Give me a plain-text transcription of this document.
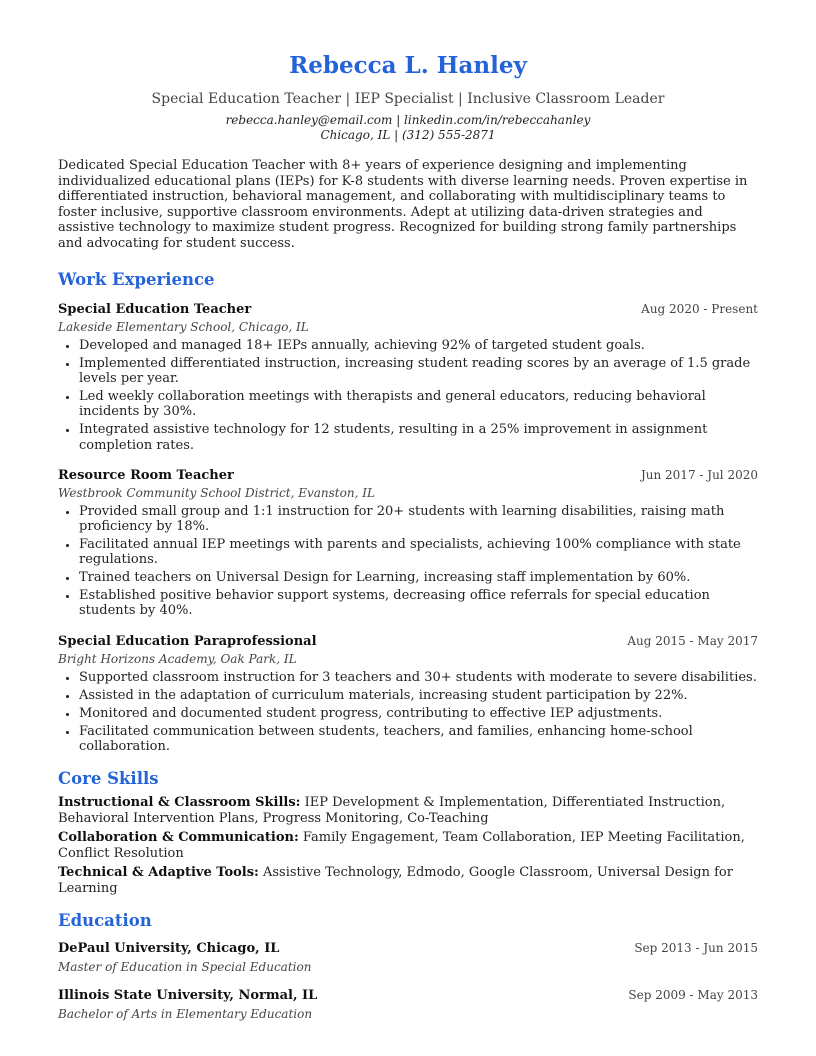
Rebecca L. Hanley
Special Education Teacher | IEP Specialist | Inclusive Classroom Leader
rebecca.hanley@email.com | linkedin.com/in/rebeccahanley
Chicago, IL | (312) 555-2871

Dedicated Special Education Teacher with 8+ years of experience designing and implementing individualized educational plans (IEPs) for K-8 students with diverse learning needs. Proven expertise in differentiated instruction, behavioral management, and collaborating with multidisciplinary teams to foster inclusive, supportive classroom environments. Adept at utilizing data-driven strategies and assistive technology to maximize student progress. Recognized for building strong family partnerships and advocating for student success.

Work Experience
Special Education Teacher	Aug 2020 - Present
Lakeside Elementary School, Chicago, IL
• Developed and managed 18+ IEPs annually, achieving 92% of targeted student goals.
• Implemented differentiated instruction, increasing student reading scores by an average of 1.5 grade levels per year.
• Led weekly collaboration meetings with therapists and general educators, reducing behavioral incidents by 30%.
• Integrated assistive technology for 12 students, resulting in a 25% improvement in assignment completion rates.
Resource Room Teacher	Jun 2017 - Jul 2020
Westbrook Community School District, Evanston, IL
• Provided small group and 1:1 instruction for 20+ students with learning disabilities, raising math proficiency by 18%.
• Facilitated annual IEP meetings with parents and specialists, achieving 100% compliance with state regulations.
• Trained teachers on Universal Design for Learning, increasing staff implementation by 60%.
• Established positive behavior support systems, decreasing office referrals for special education students by 40%.
Special Education Paraprofessional	Aug 2015 - May 2017
Bright Horizons Academy, Oak Park, IL
• Supported classroom instruction for 3 teachers and 30+ students with moderate to severe disabilities.
• Assisted in the adaptation of curriculum materials, increasing student participation by 22%.
• Monitored and documented student progress, contributing to effective IEP adjustments.
• Facilitated communication between students, teachers, and families, enhancing home-school collaboration.
Core Skills
Instructional & Classroom Skills: IEP Development & Implementation, Differentiated Instruction, Behavioral Intervention Plans, Progress Monitoring, Co-Teaching
Collaboration & Communication: Family Engagement, Team Collaboration, IEP Meeting Facilitation, Conflict Resolution
Technical & Adaptive Tools: Assistive Technology, Edmodo, Google Classroom, Universal Design for Learning
Education
DePaul University, Chicago, IL	Sep 2013 - Jun 2015
Master of Education in Special Education
Illinois State University, Normal, IL	Sep 2009 - May 2013
Bachelor of Arts in Elementary Education
